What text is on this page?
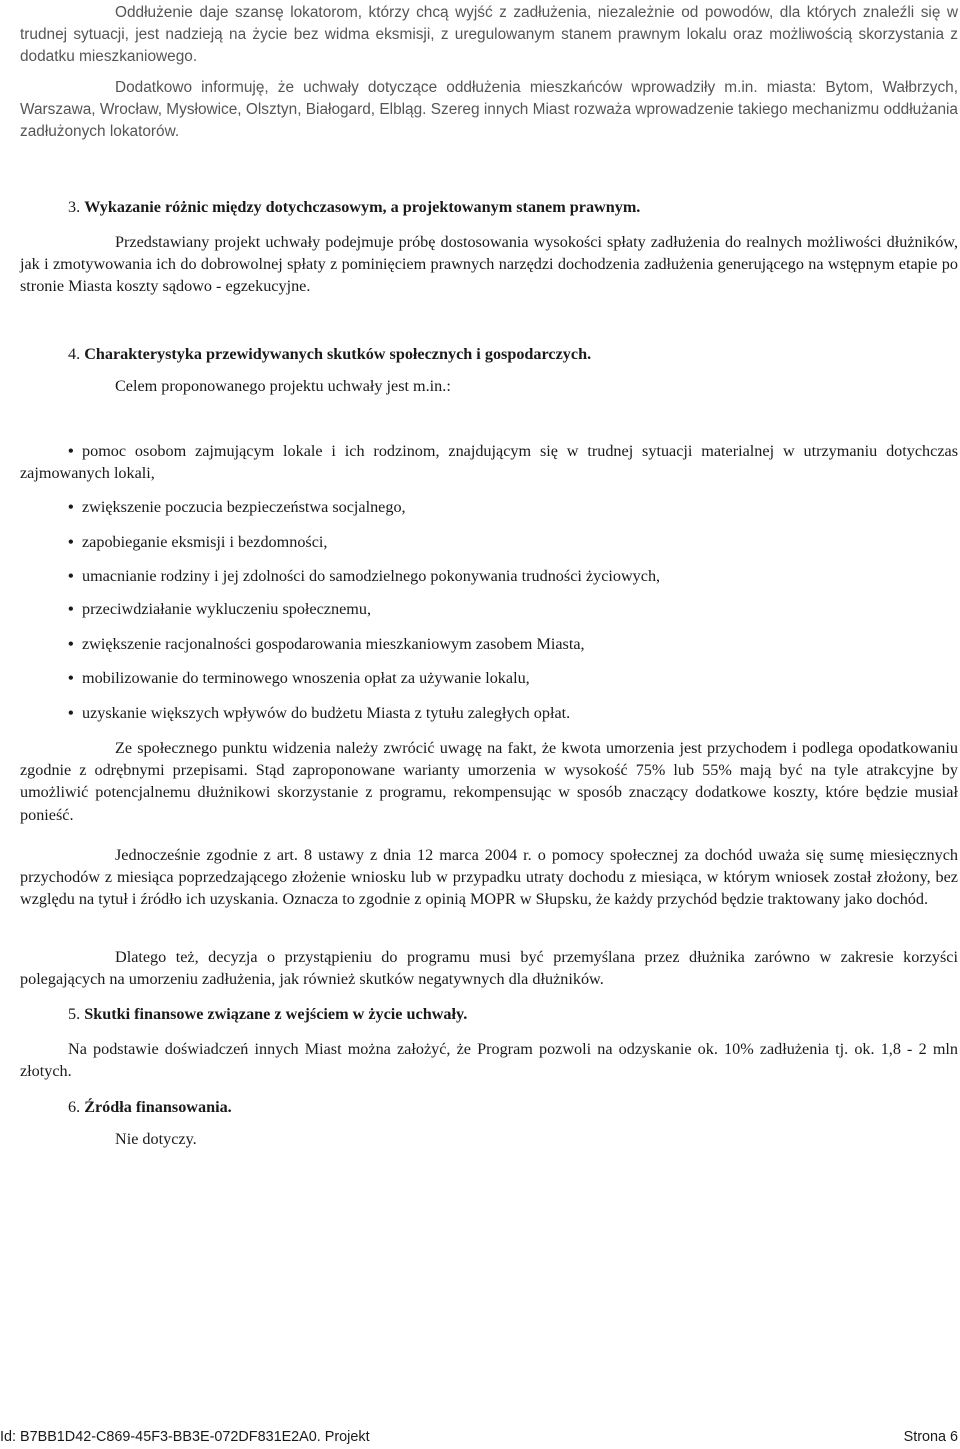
Oddłużenie daje szansę lokatorom, którzy chcą wyjść z zadłużenia, niezależnie od powodów, dla których znaleźli się w trudnej sytuacji, jest nadzieją na życie bez widma eksmisji, z uregulowanym stanem prawnym lokalu oraz możliwością skorzystania z dodatku mieszkaniowego.

Dodatkowo informuję, że uchwały dotyczące oddłużenia mieszkańców wprowadziły m.in. miasta: Bytom, Wałbrzych, Warszawa, Wrocław, Mysłowice, Olsztyn, Białogard, Elbląg. Szereg innych Miast rozważa wprowadzenie takiego mechanizmu oddłużania zadłużonych lokatorów.

3. Wykazanie różnic między dotychczasowym, a projektowanym stanem prawnym.

Przedstawiany projekt uchwały podejmuje próbę dostosowania wysokości spłaty zadłużenia do realnych możliwości dłużników, jak i zmotywowania ich do dobrowolnej spłaty z pominięciem prawnych narzędzi dochodzenia zadłużenia generującego na wstępnym etapie po stronie Miasta koszty sądowo - egzekucyjne.

4. Charakterystyka przewidywanych skutków społecznych i gospodarczych.

Celem proponowanego projektu uchwały jest m.in.:

• pomoc osobom zajmującym lokale i ich rodzinom, znajdującym się w trudnej sytuacji materialnej w utrzymaniu dotychczas zajmowanych lokali,
• zwiększenie poczucia bezpieczeństwa socjalnego,
• zapobieganie eksmisji i bezdomności,
• umacnianie rodziny i jej zdolności do samodzielnego pokonywania trudności życiowych,
• przeciwdziałanie wykluczeniu społecznemu,
• zwiększenie racjonalności gospodarowania mieszkaniowym zasobem Miasta,
• mobilizowanie do terminowego wnoszenia opłat za używanie lokalu,
• uzyskanie większych wpływów do budżetu Miasta z tytułu zaległych opłat.

Ze społecznego punktu widzenia należy zwrócić uwagę na fakt, że kwota umorzenia jest przychodem i podlega opodatkowaniu zgodnie z odrębnymi przepisami. Stąd zaproponowane warianty umorzenia w wysokość 75% lub 55% mają być na tyle atrakcyjne by umożliwić potencjalnemu dłużnikowi skorzystanie z programu, rekompensując w sposób znaczący dodatkowe koszty, które będzie musiał ponieść.

Jednocześnie zgodnie z art. 8 ustawy z dnia 12 marca 2004 r. o pomocy społecznej za dochód uważa się sumę miesięcznych przychodów z miesiąca poprzedzającego złożenie wniosku lub w przypadku utraty dochodu z miesiąca, w którym wniosek został złożony, bez względu na tytuł i źródło ich uzyskania. Oznacza to zgodnie z opinią MOPR w Słupsku, że każdy przychód będzie traktowany jako dochód.

Dlatego też, decyzja o przystąpieniu do programu musi być przemyślana przez dłużnika zarówno w zakresie korzyści polegających na umorzeniu zadłużenia, jak również skutków negatywnych dla dłużników.

5. Skutki finansowe związane z wejściem w życie uchwały.

Na podstawie doświadczeń innych Miast można założyć, że Program pozwoli na odzyskanie ok. 10% zadłużenia tj. ok. 1,8 - 2 mln złotych.

6. Źródła finansowania.

Nie dotyczy.

Id: B7BB1D42-C869-45F3-BB3E-072DF831E2A0. Projekt	Strona 6
